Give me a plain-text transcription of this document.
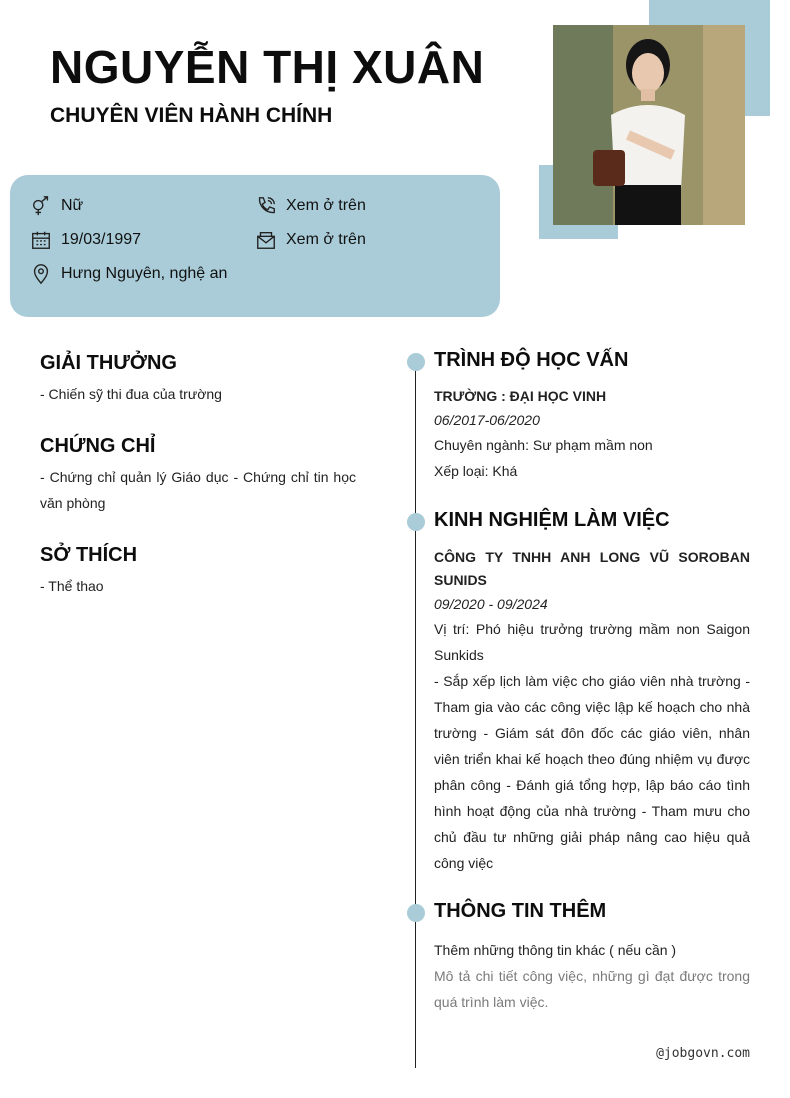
NGUYỄN THỊ XUÂN
CHUYÊN VIÊN HÀNH CHÍNH
Nữ
19/03/1997
Hưng Nguyên, nghệ an
Xem ở trên
Xem ở trên
GIẢI THƯỞNG
- Chiến sỹ thi đua của trường
CHỨNG CHỈ
- Chứng chỉ quản lý Giáo dục - Chứng chỉ tin học văn phòng
SỞ THÍCH
- Thể thao
TRÌNH ĐỘ HỌC VẤN
TRƯỜNG : ĐẠI HỌC VINH
06/2017-06/2020
Chuyên ngành: Sư phạm mầm non
Xếp loại: Khá
KINH NGHIỆM LÀM VIỆC
CÔNG TY TNHH ANH LONG VŨ SOROBAN SUNIDS
09/2020 - 09/2024
Vị trí: Phó hiệu trưởng trường mầm non Saigon Sunkids
- Sắp xếp lịch làm việc cho giáo viên nhà trường - Tham gia vào các công việc lập kế hoạch cho nhà trường - Giám sát đôn đốc các giáo viên, nhân viên triển khai kế hoạch theo đúng nhiệm vụ được phân công - Đánh giá tổng hợp, lập báo cáo tình hình hoạt động của nhà trường - Tham mưu cho chủ đầu tư những giải pháp nâng cao hiệu quả công việc
THÔNG TIN THÊM
Thêm những thông tin khác ( nếu cần )
Mô tả chi tiết công việc, những gì đạt được trong quá trình làm việc.
@jobgovn.com
